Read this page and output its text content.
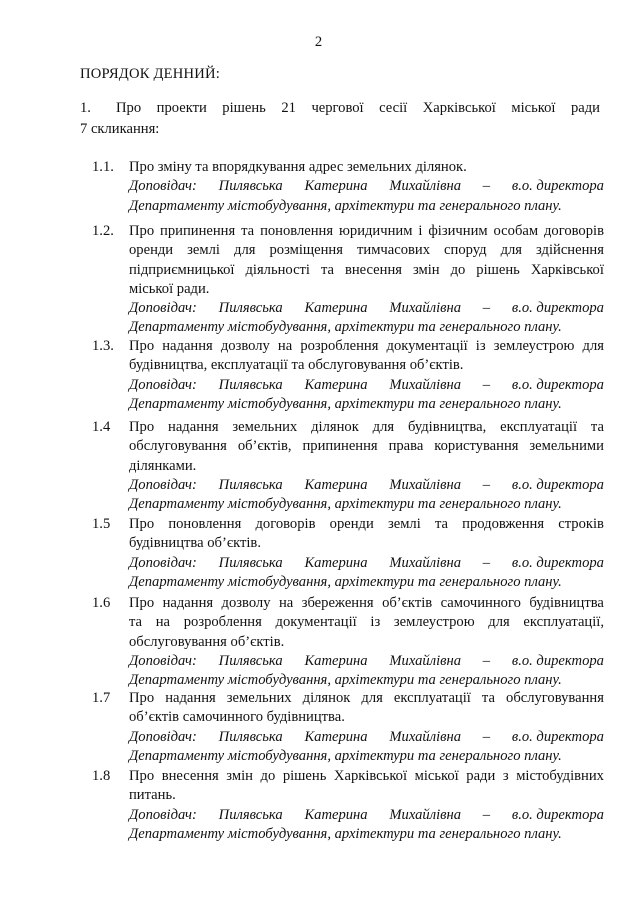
2
ПОРЯДОК ДЕННИЙ:
1.	Про проекти рішень 21 чергової сесії Харківської міської ради
7 скликання:
1.1.	Про зміну та впорядкування адрес земельних ділянок.
Доповідач: Пилявська Катерина Михайлівна – в.о. директора
Департаменту містобудування, архітектури та генерального плану.
1.2.	Про припинення та поновлення юридичним і фізичним особам договорів
оренди землі для розміщення тимчасових споруд для здійснення
підприємницької діяльності та внесення змін до рішень Харківської
міської ради.
Доповідач: Пилявська Катерина Михайлівна – в.о. директора
Департаменту містобудування, архітектури та генерального плану.
1.3.	Про надання дозволу на розроблення документації із землеустрою для
будівництва, експлуатації та обслуговування об’єктів.
Доповідач: Пилявська Катерина Михайлівна – в.о. директора
Департаменту містобудування, архітектури та генерального плану.
1.4	Про надання земельних ділянок для будівництва, експлуатації та
обслуговування об’єктів, припинення права користування земельними
ділянками.
Доповідач: Пилявська Катерина Михайлівна – в.о. директора
Департаменту містобудування, архітектури та генерального плану.
1.5	Про поновлення договорів оренди землі та продовження строків
будівництва об’єктів.
Доповідач: Пилявська Катерина Михайлівна – в.о. директора
Департаменту містобудування, архітектури та генерального плану.
1.6	Про надання дозволу на збереження об’єктів самочинного будівництва
та на розроблення документації із землеустрою для експлуатації,
обслуговування об’єктів.
Доповідач: Пилявська Катерина Михайлівна – в.о. директора
Департаменту містобудування, архітектури та генерального плану.
1.7	Про надання земельних ділянок для експлуатації та обслуговування
об’єктів самочинного будівництва.
Доповідач: Пилявська Катерина Михайлівна – в.о. директора
Департаменту містобудування, архітектури та генерального плану.
1.8	Про внесення змін до рішень Харківської міської ради з містобудівних
питань.
Доповідач: Пилявська Катерина Михайлівна – в.о. директора
Департаменту містобудування, архітектури та генерального плану.
